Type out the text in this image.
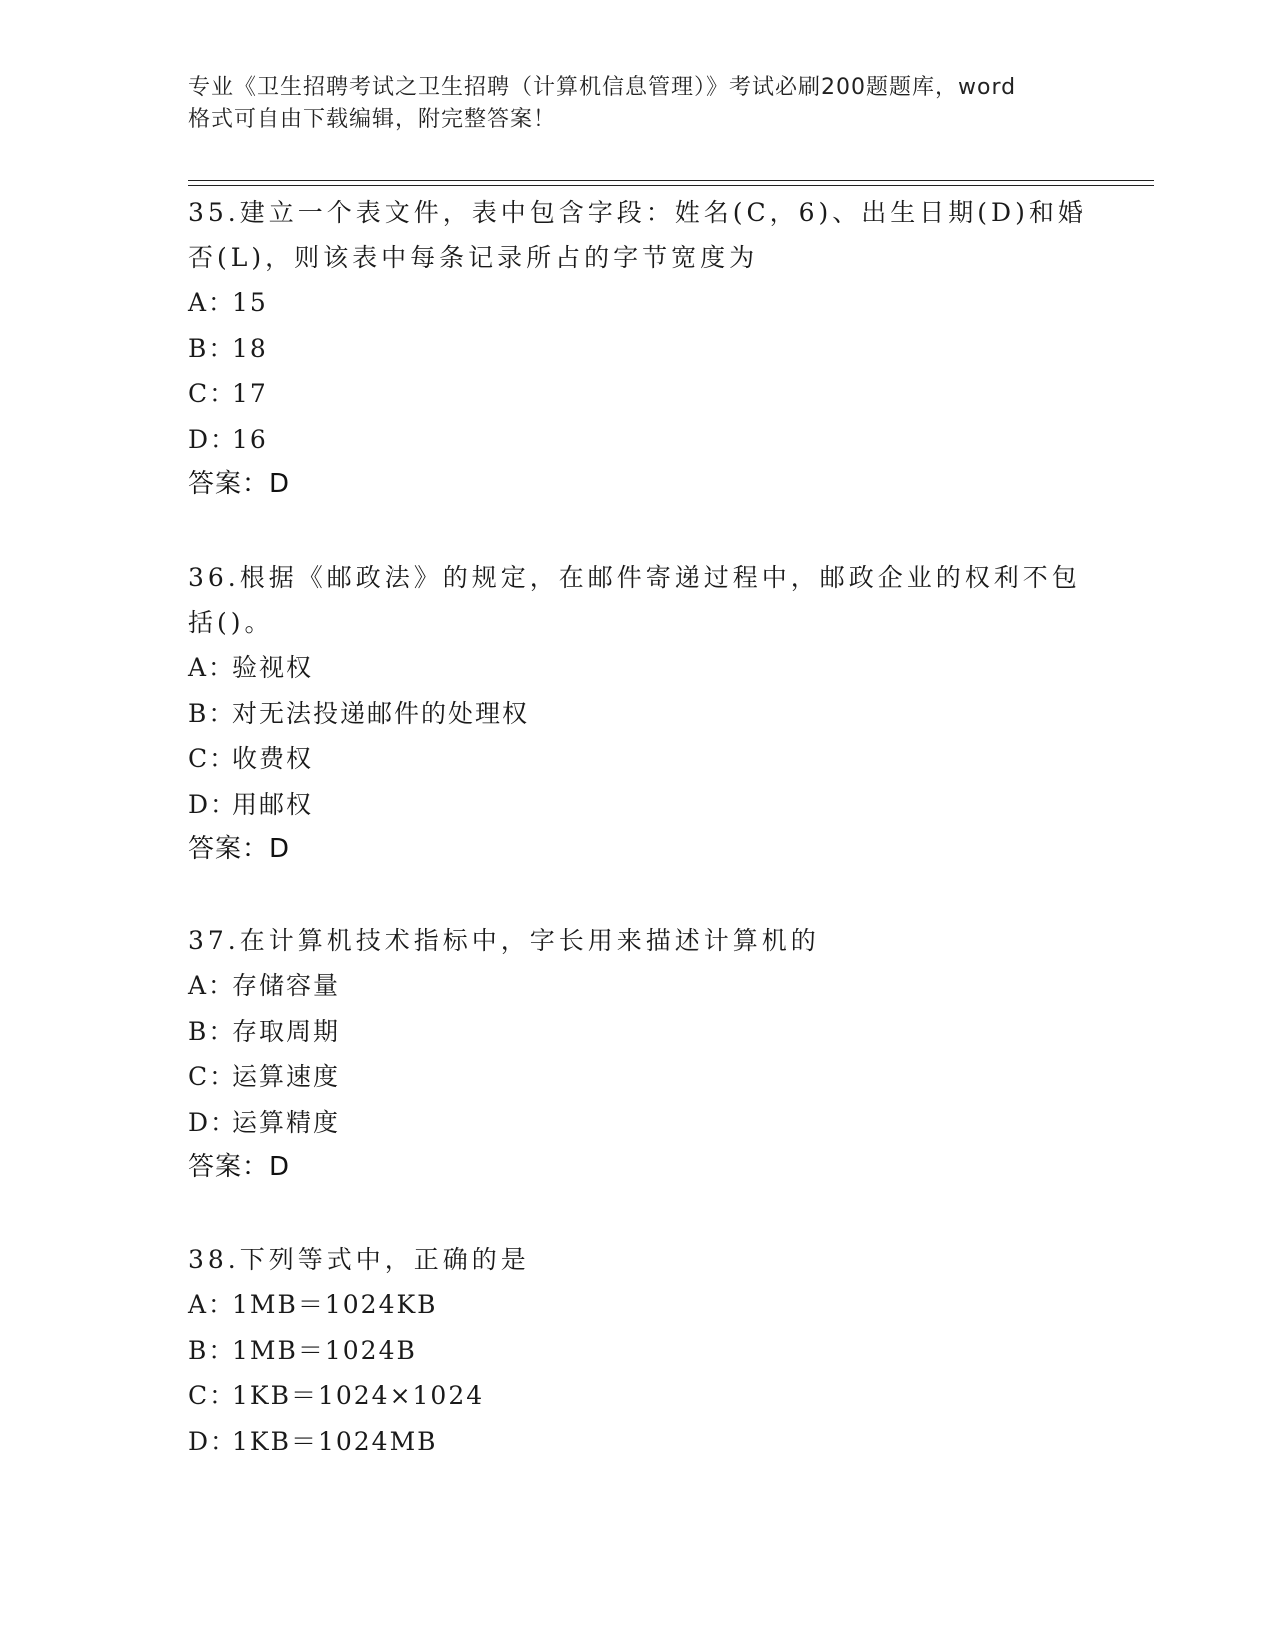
专业《卫生招聘考试之卫生招聘（计算机信息管理）》考试必刷200题题库，word
格式可自由下载编辑，附完整答案！
35.建立一个表文件，表中包含字段：姓名(C，6)、出生日期(D)和婚
否(L)，则该表中每条记录所占的字节宽度为
A：15
B：18
C：17
D：16
答案：D
36.根据《邮政法》的规定，在邮件寄递过程中，邮政企业的权利不包
括()。
A：验视权
B：对无法投递邮件的处理权
C：收费权
D：用邮权
答案：D
37.在计算机技术指标中，字长用来描述计算机的
A：存储容量
B：存取周期
C：运算速度
D：运算精度
答案：D
38.下列等式中，正确的是
A：1MB＝1024KB
B：1MB＝1024B
C：1KB＝1024×1024
D：1KB＝1024MB
